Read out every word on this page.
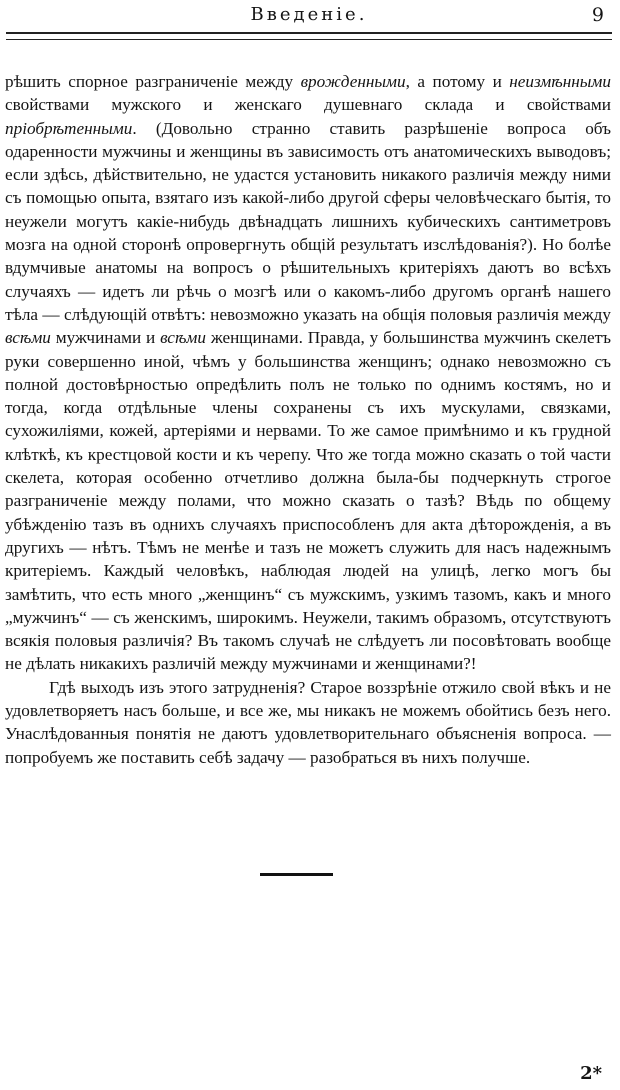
Введенiе.	9

рѣшить спорное разграниченiе между врожденными, а потому и неизмѣнными свойствами мужского и женскаго душевнаго склада и свойствами прiобрѣтенными. (Довольно странно ставить разрѣшенiе вопроса объ одаренности мужчины и женщины въ зависимость отъ анатомическихъ выводовъ; если здѣсь, дѣйствительно, не удастся установить никакого различiя между ними съ помощью опыта, взятаго изъ какой-либо другой сферы человѣческаго бытiя, то неужели могутъ какiе-нибудь двѣнадцать лишнихъ кубическихъ сантиметровъ мозга на одной сторонѣ опровергнуть общiй результатъ изслѣдованiя?). Но болѣе вдумчивые анатомы на вопросъ о рѣшительныхъ критерiяхъ даютъ во всѣхъ случаяхъ — идетъ ли рѣчь о мозгѣ или о какомъ-либо другомъ органѣ нашего тѣла — слѣдующiй отвѣтъ: невозможно указать на общiя половыя различiя между всѣми мужчинами и всѣми женщинами. Правда, у большинства мужчинъ скелетъ руки совершенно иной, чѣмъ у большинства женщинъ; однако невозможно съ полной достовѣрностью опредѣлить полъ не только по однимъ костямъ, но и тогда, когда отдѣльные члены сохранены съ ихъ мускулами, связками, сухожилiями, кожей, артерiями и нервами. То же самое примѣнимо и къ грудной клѣткѣ, къ крестцовой кости и къ черепу. Что же тогда можно сказать о той части скелета, которая особенно отчетливо должна была-бы подчеркнуть строгое разграниченiе между полами, что можно сказать о тазѣ? Вѣдь по общему убѣжденiю тазъ въ однихъ случаяхъ приспособленъ для акта дѣторожденiя, а въ другихъ — нѣтъ. Тѣмъ не менѣе и тазъ не можетъ служить для насъ надежнымъ критерiемъ. Каждый человѣкъ, наблюдая людей на улицѣ, легко могъ бы замѣтить, что есть много „женщинъ“ съ мужскимъ, узкимъ тазомъ, какъ и много „мужчинъ“ — съ женскимъ, широкимъ. Неужели, такимъ образомъ, отсутствуютъ всякiя половыя различiя? Въ такомъ случаѣ не слѣдуетъ ли посовѣтовать вообще не дѣлать никакихъ различiй между мужчинами и женщинами?!

Гдѣ выходъ изъ этого затрудненiя? Старое воззрѣнiе отжило свой вѣкъ и не удовлетворяетъ насъ больше, и все же, мы никакъ не можемъ обойтись безъ него. Унаслѣдованныя понятiя не даютъ удовлетворительнаго объясненiя вопроса. — попробуемъ же поставить себѣ задачу — разобраться въ нихъ получше.

2*
